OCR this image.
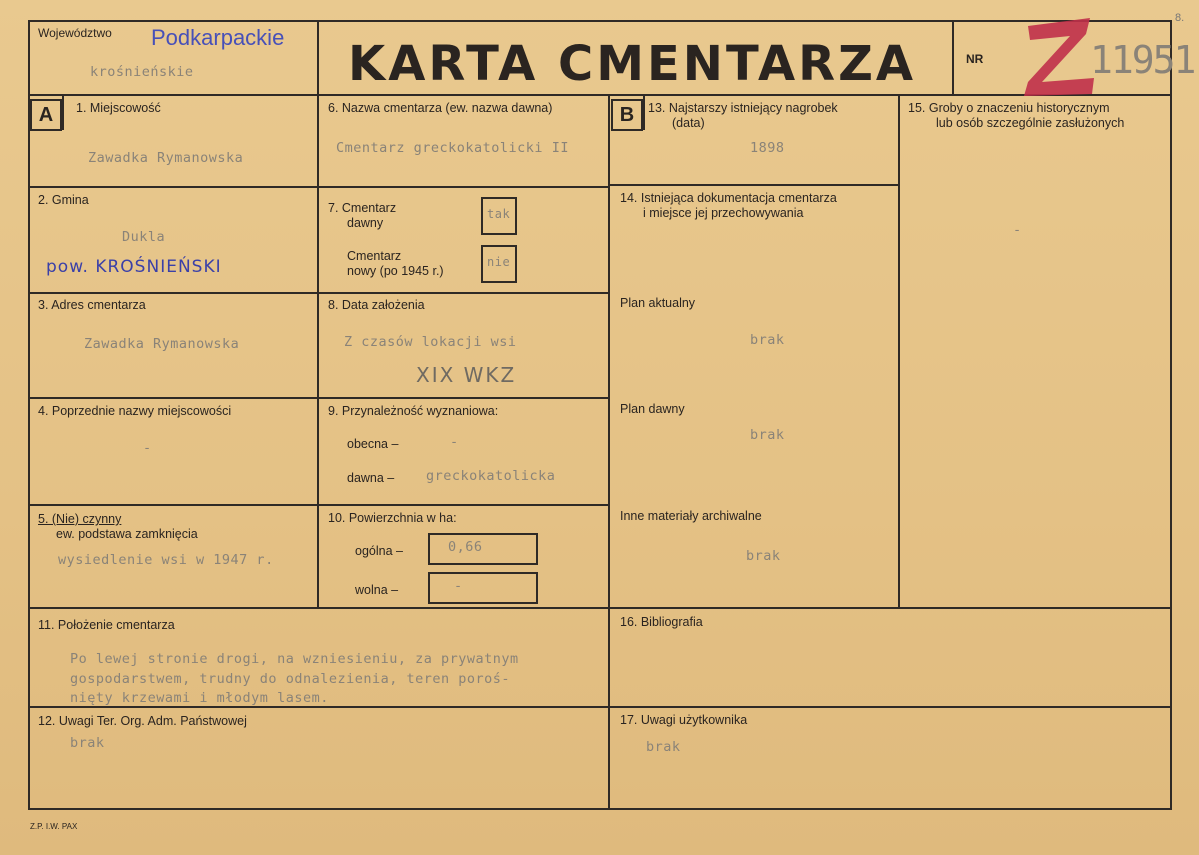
Województwo Podkarpackie
krośnieńskie	KARTA CMENTARZA	NR	11951
8.
A	1. Miejscowość
Zawadka Rymanowska
2. Gmina
Dukla
pow. KROŚNIEŃSKI
3. Adres cmentarza
Zawadka Rymanowska
4. Poprzednie nazwy miejscowości
-
5. (Nie) czynny
ew. podstawa zamknięcia
wysiedlenie wsi w 1947 r.
6. Nazwa cmentarza (ew. nazwa dawna)
Cmentarz greckokatolicki II
7. Cmentarz
dawny
tak
Cmentarz
nowy (po 1945 r.)
nie
8. Data założenia
Z czasów lokacji wsi
XIX WKZ
9. Przynależność wyznaniowa:
obecna –	-
dawna – greckokatolicka
10. Powierzchnia w ha:
ogólna –	0,66
wolna –	-
B	13. Najstarszy istniejący nagrobek
(data)
1898
14. Istniejąca dokumentacja cmentarza
i miejsce jej przechowywania
Plan aktualny
brak
Plan dawny
brak
Inne materiały archiwalne
brak
15. Groby o znaczeniu historycznym
lub osób szczególnie zasłużonych
-
11. Położenie cmentarza
Po lewej stronie drogi, na wzniesieniu, za prywatnym
gospodarstwem, trudny do odnalezienia, teren poroś-
nięty krzewami i młodym lasem.
16. Bibliografia
12. Uwagi Ter. Org. Adm. Państwowej
brak
17. Uwagi użytkownika
brak
Z.P. I.W. PAX
